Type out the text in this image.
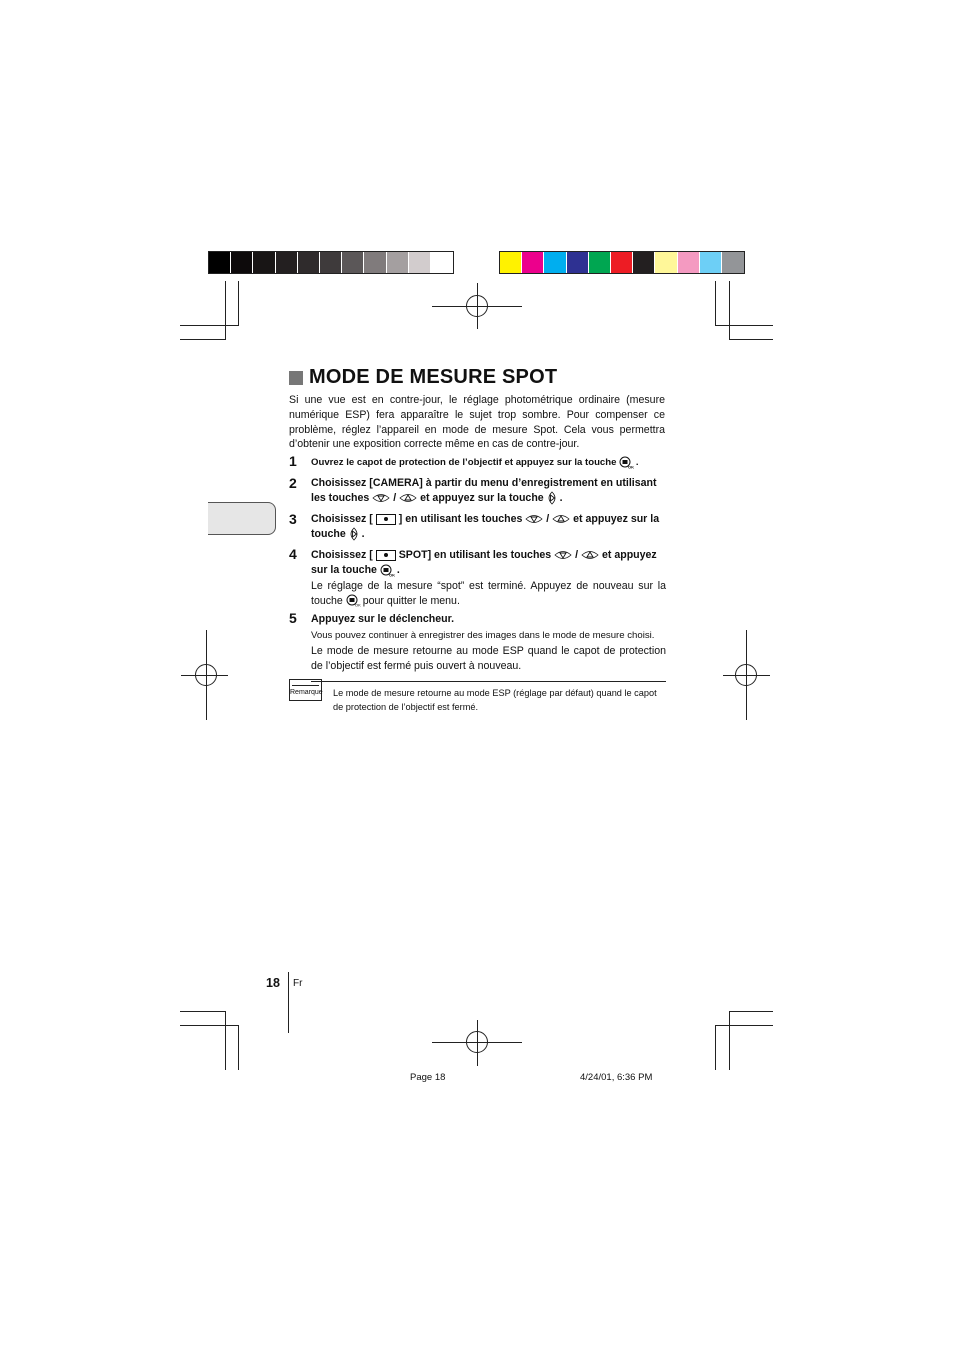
MODE DE MESURE SPOT
Si une vue est en contre-jour, le réglage photométrique ordinaire (mesure numérique ESP) fera apparaître le sujet trop sombre. Pour compenser ce problème, réglez l’appareil en mode de mesure Spot. Cela vous permettra d’obtenir une exposition correcte même en cas de contre-jour.
1 Ouvrez le capot de protection de l’objectif et appuyez sur la touche	OK .
2 Choisissez [CAMERA] à partir du menu d’enregistrement en utilisant les touches / et appuyez sur la touche .
3 Choisissez [ ] en utilisant les touches / et appuyez sur la touche .
4 Choisissez [ SPOT] en utilisant les touches / et appuyez sur la touche	OK .
Le réglage de la mesure “spot” est terminé. Appuyez de nouveau sur la touche	OK pour quitter le menu.
5 Appuyez sur le déclencheur.
Vous pouvez continuer à enregistrer des images dans le mode de mesure choisi.
Le mode de mesure retourne au mode ESP quand le capot de protection de l’objectif est fermé puis ouvert à nouveau.
Remarque Le mode de mesure retourne au mode ESP (réglage par défaut) quand le capot de protection de l’objectif est fermé.
18 Fr
Page 18	4/24/01, 6:36 PM
